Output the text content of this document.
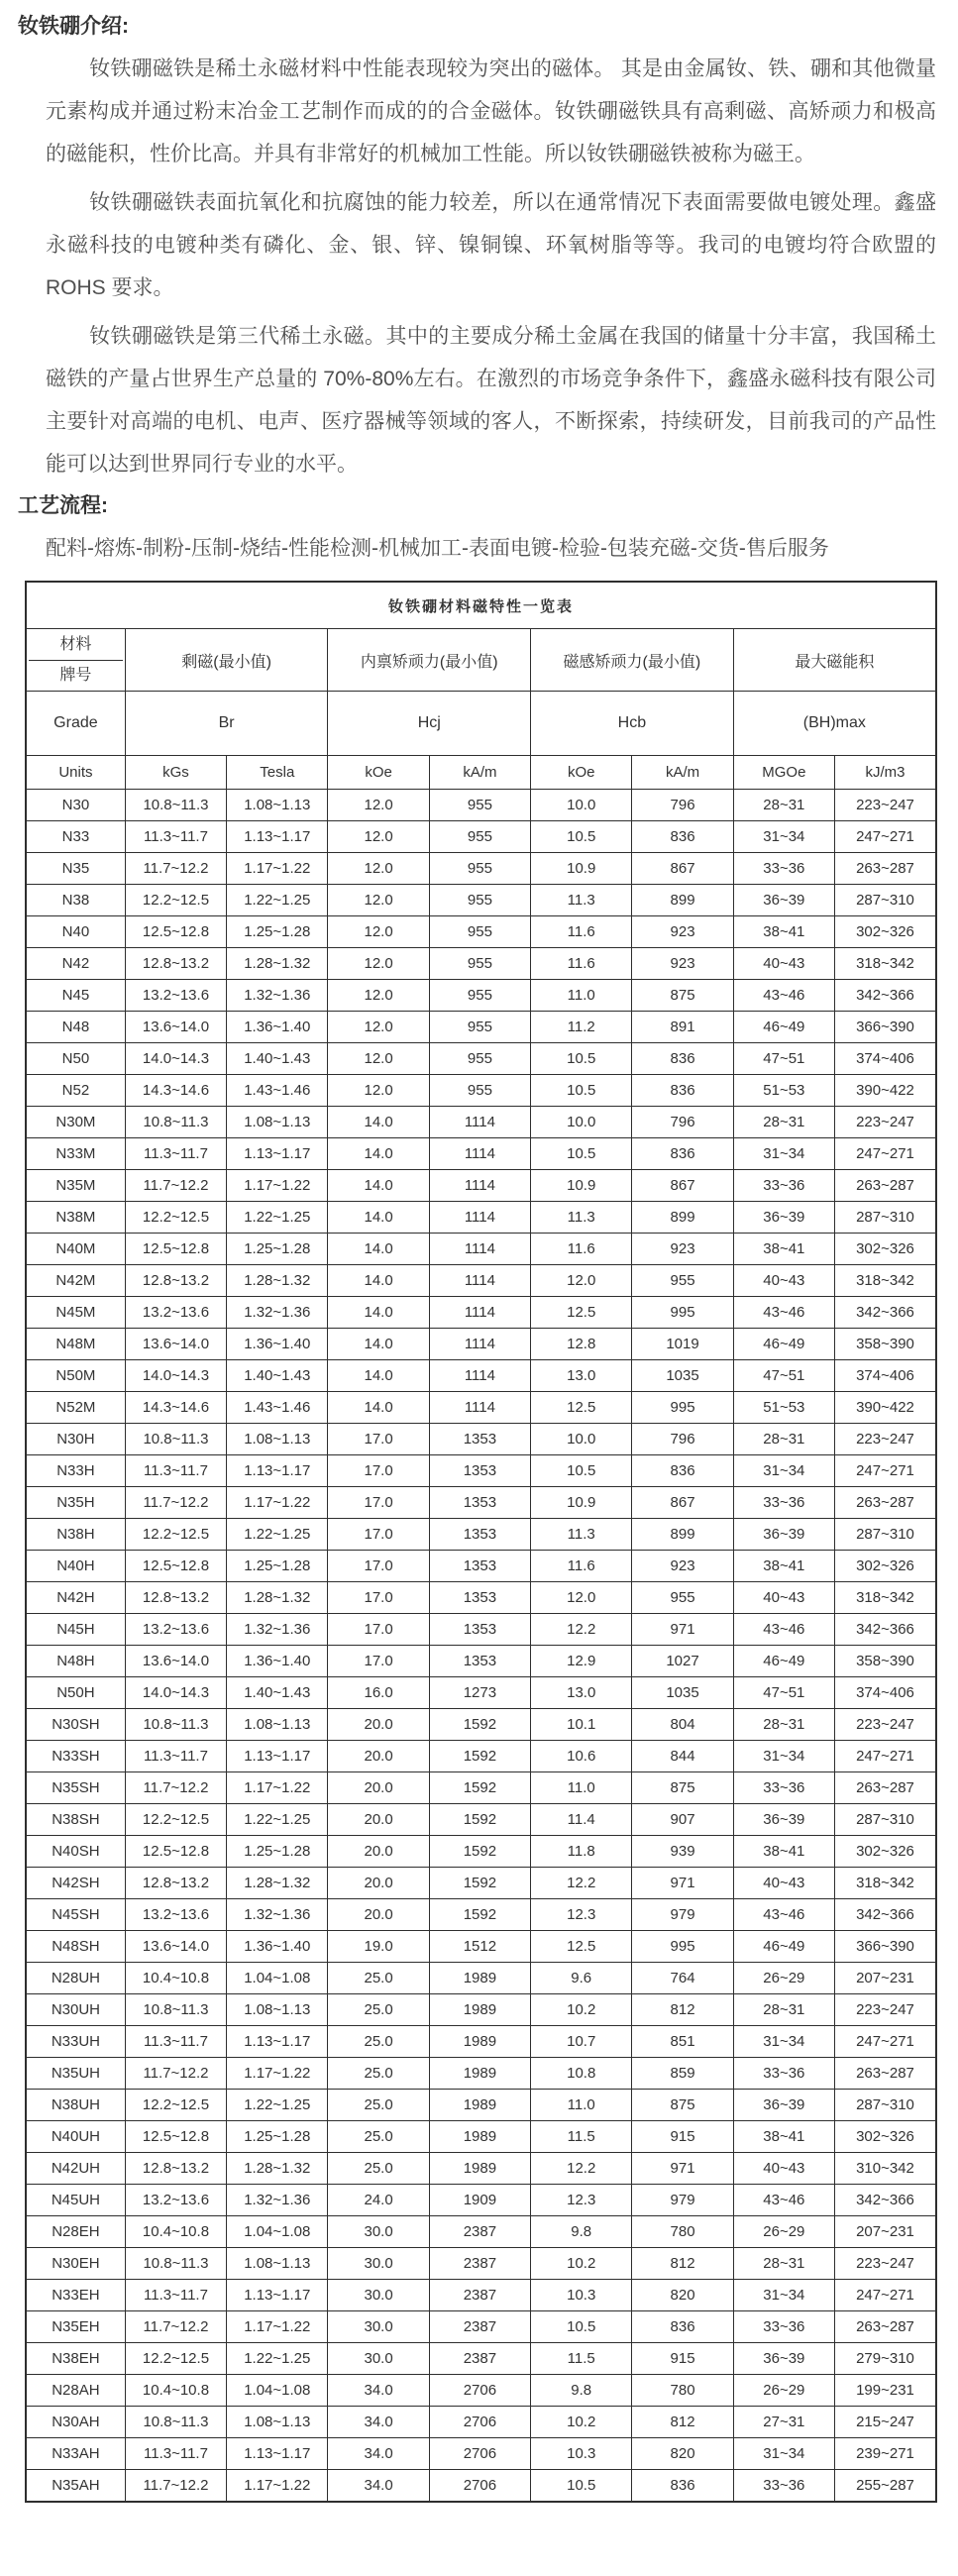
钕铁硼介绍:

钕铁硼磁铁是稀土永磁材料中性能表现较为突出的磁体。 其是由金属钕、铁、硼和其他微量元素构成并通过粉末冶金工艺制作而成的的合金磁体。钕铁硼磁铁具有高剩磁、高矫顽力和极高的磁能积，性价比高。并具有非常好的机械加工性能。所以钕铁硼磁铁被称为磁王。

钕铁硼磁铁表面抗氧化和抗腐蚀的能力较差，所以在通常情况下表面需要做电镀处理。鑫盛永磁科技的电镀种类有磷化、金、银、锌、镍铜镍、环氧树脂等等。我司的电镀均符合欧盟的 ROHS 要求。

钕铁硼磁铁是第三代稀土永磁。其中的主要成分稀土金属在我国的储量十分丰富，我国稀土磁铁的产量占世界生产总量的 70%-80%左右。在激烈的市场竞争条件下，鑫盛永磁科技有限公司主要针对高端的电机、电声、医疗器械等领域的客人，不断探索，持续研发，目前我司的产品性能可以达到世界同行专业的水平。

工艺流程:
配料-熔炼-制粉-压制-烧结-性能检测-机械加工-表面电镀-检验-包装充磁-交货-售后服务
钕铁硼材料磁特性一览表								

材料
牌号	剩磁(最小值)		内禀矫顽力(最小值)		磁感矫顽力(最小值)		最大磁能积	
Grade	Br		Hcj		Hcb		(BH)max	
Units	kGs	Tesla	kOe	kA/m	kOe	kA/m	MGOe	kJ/m3
N30	10.8~11.3	1.08~1.13	12.0	955	10.0	796	28~31	223~247
N33	11.3~11.7	1.13~1.17	12.0	955	10.5	836	31~34	247~271
N35	11.7~12.2	1.17~1.22	12.0	955	10.9	867	33~36	263~287
N38	12.2~12.5	1.22~1.25	12.0	955	11.3	899	36~39	287~310
N40	12.5~12.8	1.25~1.28	12.0	955	11.6	923	38~41	302~326
N42	12.8~13.2	1.28~1.32	12.0	955	11.6	923	40~43	318~342
N45	13.2~13.6	1.32~1.36	12.0	955	11.0	875	43~46	342~366
N48	13.6~14.0	1.36~1.40	12.0	955	11.2	891	46~49	366~390
N50	14.0~14.3	1.40~1.43	12.0	955	10.5	836	47~51	374~406
N52	14.3~14.6	1.43~1.46	12.0	955	10.5	836	51~53	390~422
N30M	10.8~11.3	1.08~1.13	14.0	1114	10.0	796	28~31	223~247
N33M	11.3~11.7	1.13~1.17	14.0	1114	10.5	836	31~34	247~271
N35M	11.7~12.2	1.17~1.22	14.0	1114	10.9	867	33~36	263~287
N38M	12.2~12.5	1.22~1.25	14.0	1114	11.3	899	36~39	287~310
N40M	12.5~12.8	1.25~1.28	14.0	1114	11.6	923	38~41	302~326
N42M	12.8~13.2	1.28~1.32	14.0	1114	12.0	955	40~43	318~342
N45M	13.2~13.6	1.32~1.36	14.0	1114	12.5	995	43~46	342~366
N48M	13.6~14.0	1.36~1.40	14.0	1114	12.8	1019	46~49	358~390
N50M	14.0~14.3	1.40~1.43	14.0	1114	13.0	1035	47~51	374~406
N52M	14.3~14.6	1.43~1.46	14.0	1114	12.5	995	51~53	390~422
N30H	10.8~11.3	1.08~1.13	17.0	1353	10.0	796	28~31	223~247
N33H	11.3~11.7	1.13~1.17	17.0	1353	10.5	836	31~34	247~271
N35H	11.7~12.2	1.17~1.22	17.0	1353	10.9	867	33~36	263~287
N38H	12.2~12.5	1.22~1.25	17.0	1353	11.3	899	36~39	287~310
N40H	12.5~12.8	1.25~1.28	17.0	1353	11.6	923	38~41	302~326
N42H	12.8~13.2	1.28~1.32	17.0	1353	12.0	955	40~43	318~342
N45H	13.2~13.6	1.32~1.36	17.0	1353	12.2	971	43~46	342~366
N48H	13.6~14.0	1.36~1.40	17.0	1353	12.9	1027	46~49	358~390
N50H	14.0~14.3	1.40~1.43	16.0	1273	13.0	1035	47~51	374~406
N30SH	10.8~11.3	1.08~1.13	20.0	1592	10.1	804	28~31	223~247
N33SH	11.3~11.7	1.13~1.17	20.0	1592	10.6	844	31~34	247~271
N35SH	11.7~12.2	1.17~1.22	20.0	1592	11.0	875	33~36	263~287
N38SH	12.2~12.5	1.22~1.25	20.0	1592	11.4	907	36~39	287~310
N40SH	12.5~12.8	1.25~1.28	20.0	1592	11.8	939	38~41	302~326
N42SH	12.8~13.2	1.28~1.32	20.0	1592	12.2	971	40~43	318~342
N45SH	13.2~13.6	1.32~1.36	20.0	1592	12.3	979	43~46	342~366
N48SH	13.6~14.0	1.36~1.40	19.0	1512	12.5	995	46~49	366~390
N28UH	10.4~10.8	1.04~1.08	25.0	1989	9.6	764	26~29	207~231
N30UH	10.8~11.3	1.08~1.13	25.0	1989	10.2	812	28~31	223~247
N33UH	11.3~11.7	1.13~1.17	25.0	1989	10.7	851	31~34	247~271
N35UH	11.7~12.2	1.17~1.22	25.0	1989	10.8	859	33~36	263~287
N38UH	12.2~12.5	1.22~1.25	25.0	1989	11.0	875	36~39	287~310
N40UH	12.5~12.8	1.25~1.28	25.0	1989	11.5	915	38~41	302~326
N42UH	12.8~13.2	1.28~1.32	25.0	1989	12.2	971	40~43	310~342
N45UH	13.2~13.6	1.32~1.36	24.0	1909	12.3	979	43~46	342~366
N28EH	10.4~10.8	1.04~1.08	30.0	2387	9.8	780	26~29	207~231
N30EH	10.8~11.3	1.08~1.13	30.0	2387	10.2	812	28~31	223~247
N33EH	11.3~11.7	1.13~1.17	30.0	2387	10.3	820	31~34	247~271
N35EH	11.7~12.2	1.17~1.22	30.0	2387	10.5	836	33~36	263~287
N38EH	12.2~12.5	1.22~1.25	30.0	2387	11.5	915	36~39	279~310
N28AH	10.4~10.8	1.04~1.08	34.0	2706	9.8	780	26~29	199~231
N30AH	10.8~11.3	1.08~1.13	34.0	2706	10.2	812	27~31	215~247
N33AH	11.3~11.7	1.13~1.17	34.0	2706	10.3	820	31~34	239~271
N35AH	11.7~12.2	1.17~1.22	34.0	2706	10.5	836	33~36	255~287
